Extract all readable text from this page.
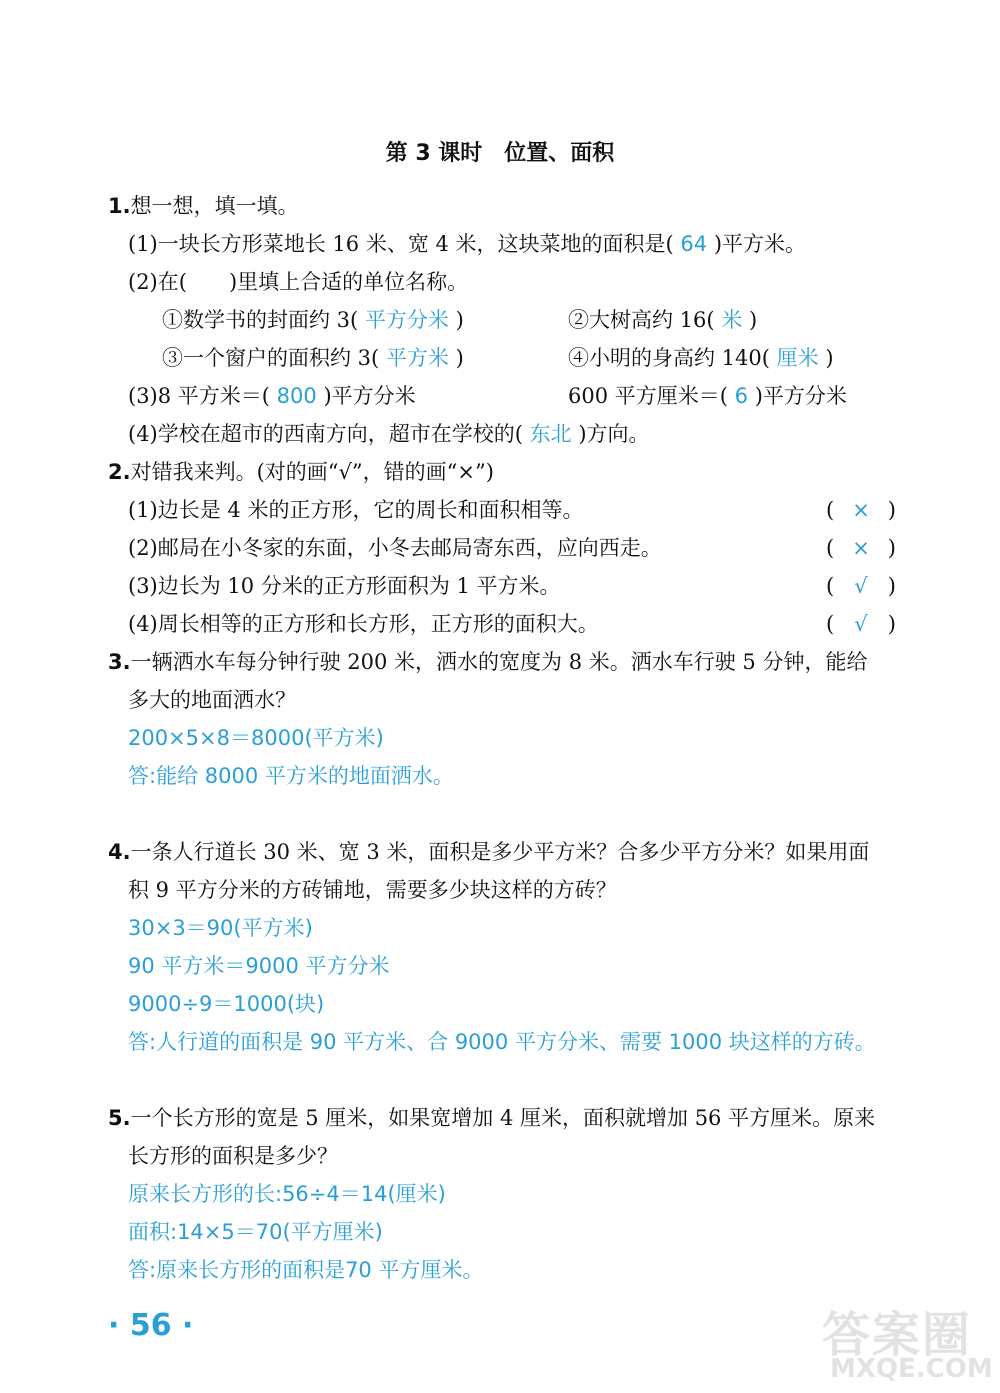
第 3 课时　位置、面积
1.想一想，填一填。
(1)一块长方形菜地长 16 米、宽 4 米，这块菜地的面积是( 64 )平方米。
(2)在(　　)里填上合适的单位名称。
①数学书的封面约 3( 平方分米 )	②大树高约 16( 米 )
③一个窗户的面积约 3( 平方米 )	④小明的身高约 140( 厘米 )
(3)8 平方米＝( 800 )平方分米	600 平方厘米＝( 6 )平方分米
(4)学校在超市的西南方向，超市在学校的( 东北 )方向。
2.对错我来判。(对的画“√”，错的画“×”)
(1)边长是 4 米的正方形，它的周长和面积相等。	( × )
(2)邮局在小冬家的东面，小冬去邮局寄东西，应向西走。	( × )
(3)边长为 10 分米的正方形面积为 1 平方米。	( √ )
(4)周长相等的正方形和长方形，正方形的面积大。	( √ )
3.一辆洒水车每分钟行驶 200 米，洒水的宽度为 8 米。洒水车行驶 5 分钟，能给
多大的地面洒水？
200×5×8＝8000(平方米)
答:能给 8000 平方米的地面洒水。
4.一条人行道长 30 米、宽 3 米，面积是多少平方米？合多少平方分米？如果用面
积 9 平方分米的方砖铺地，需要多少块这样的方砖？
30×3＝90(平方米)
90 平方米＝9000 平方分米
9000÷9＝1000(块)
答:人行道的面积是 90 平方米、合 9000 平方分米、需要 1000 块这样的方砖。
5.一个长方形的宽是 5 厘米，如果宽增加 4 厘米，面积就增加 56 平方厘米。原来
长方形的面积是多少？
原来长方形的长:56÷4＝14(厘米)
面积:14×5＝70(平方厘米)
答:原来长方形的面积是70 平方厘米。
· 56 ·	答案圈
MXQE.COM
